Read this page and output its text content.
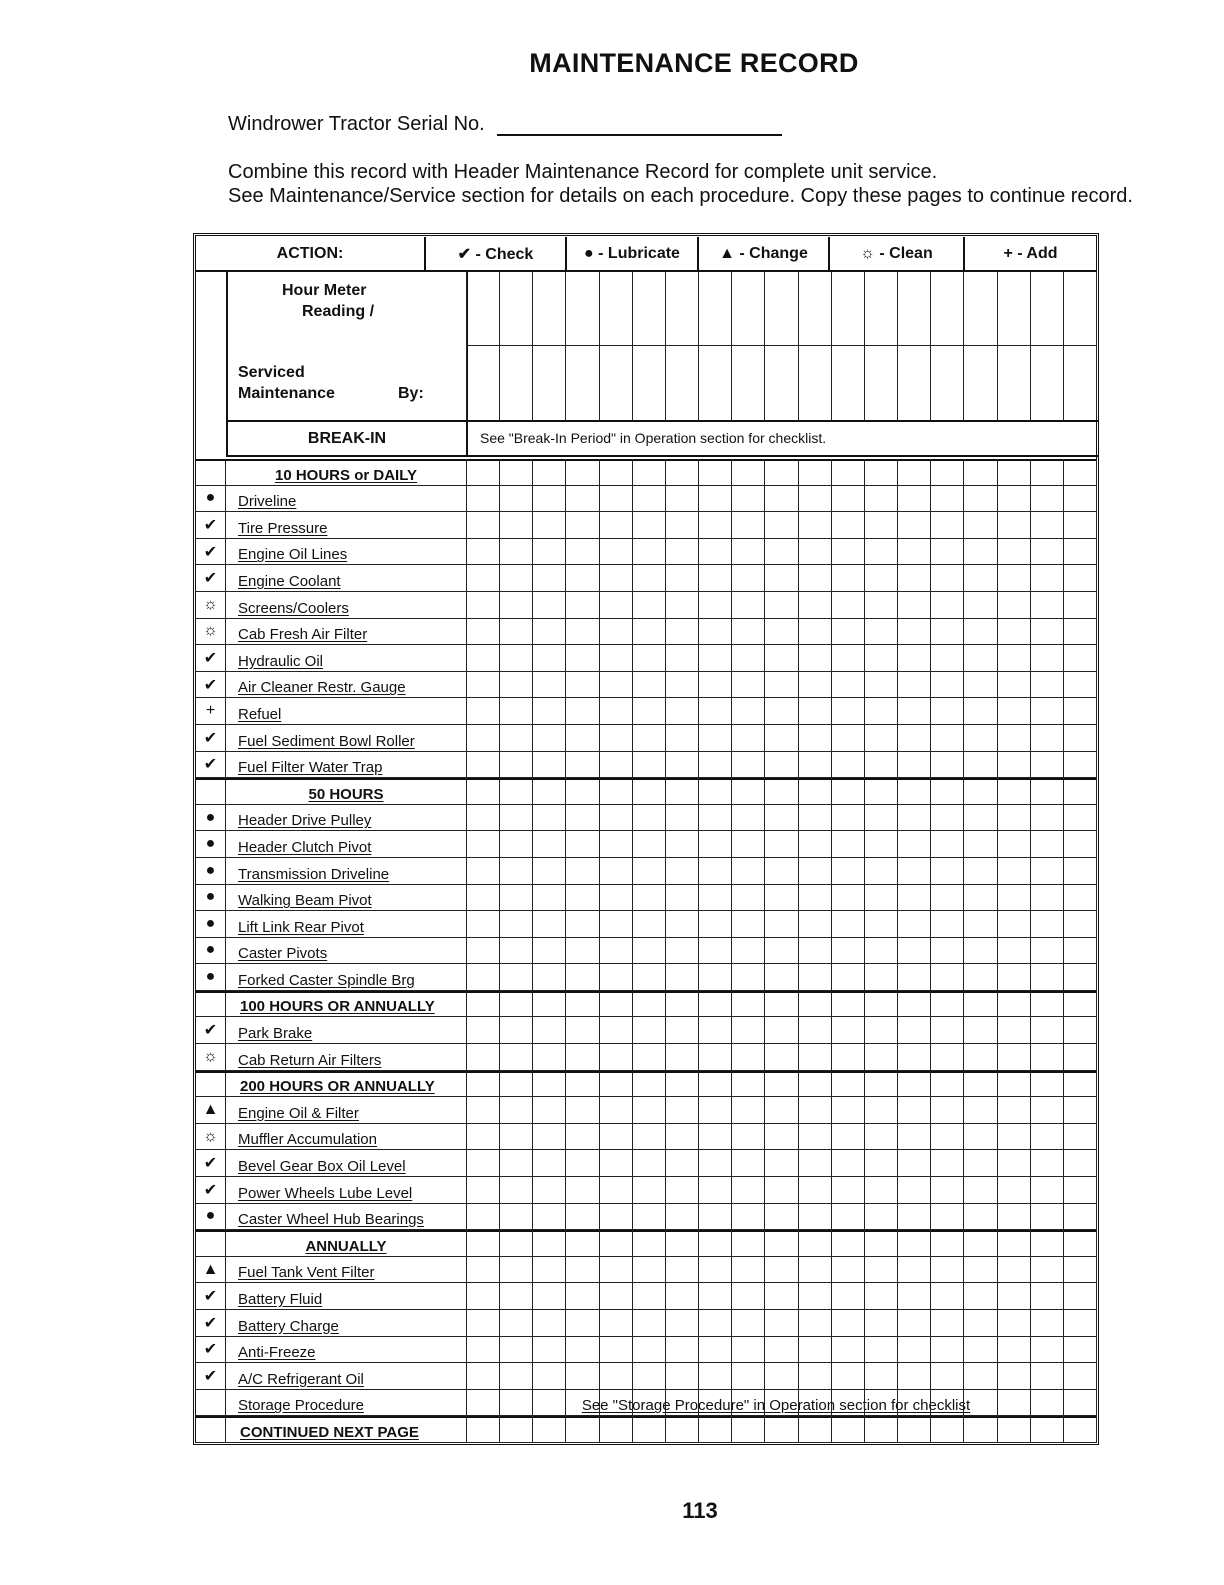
MAINTENANCE RECORD
Windrower Tractor Serial No.
Combine this record with Header Maintenance Record for complete unit service.
See Maintenance/Service section for details on each procedure. Copy these pages to continue record.
ACTION:	✔ - Check	● - Lubricate	▲ - Change	☼ - Clean	+ - Add
Hour Meter
Reading /
Serviced
Maintenance	By:
BREAK-IN	See "Break-In Period" in Operation section for checklist.
10 HOURS or DAILY
●	Driveline
✔	Tire Pressure
✔	Engine Oil Lines
✔	Engine Coolant
☼	Screens/Coolers
☼	Cab Fresh Air Filter
✔	Hydraulic Oil
✔	Air Cleaner Restr. Gauge
+	Refuel
✔	Fuel Sediment Bowl Roller
✔	Fuel Filter Water Trap
50 HOURS
●	Header Drive Pulley
●	Header Clutch Pivot
●	Transmission Driveline
●	Walking Beam Pivot
●	Lift Link Rear Pivot
●	Caster Pivots
●	Forked Caster Spindle Brg
100 HOURS OR ANNUALLY
✔	Park Brake
☼	Cab Return Air Filters
200 HOURS OR ANNUALLY
▲	Engine Oil & Filter
☼	Muffler Accumulation
✔	Bevel Gear Box Oil Level
✔	Power Wheels Lube Level
●	Caster Wheel Hub Bearings
ANNUALLY
▲	Fuel Tank Vent Filter
✔	Battery Fluid
✔	Battery Charge
✔	Anti-Freeze
✔	A/C Refrigerant Oil
Storage Procedure	See "Storage Procedure" in Operation section for checklist
CONTINUED NEXT PAGE
113
